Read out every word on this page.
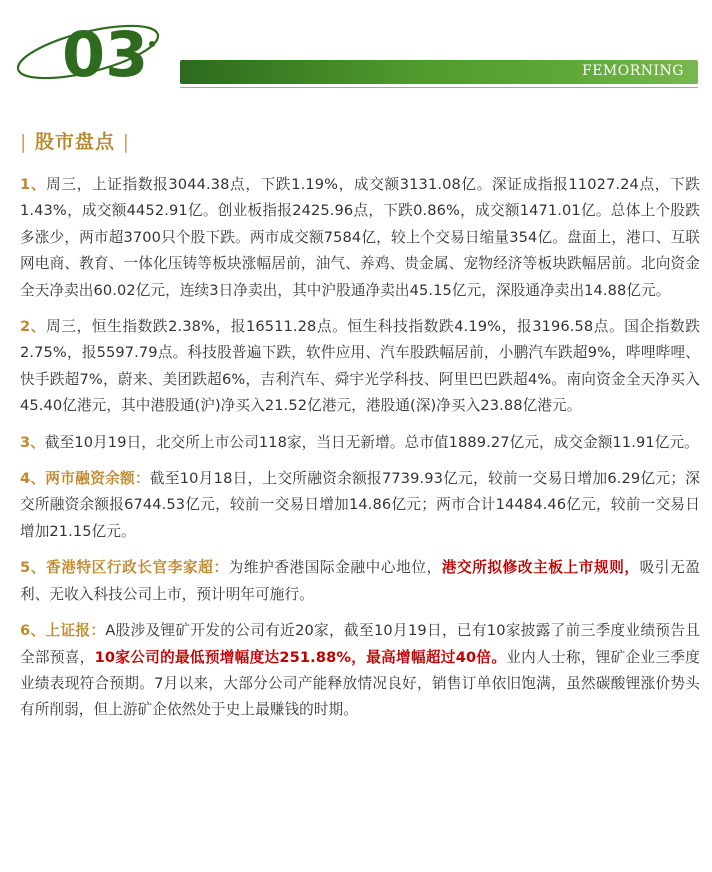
03	FEMORNING
| 股市盘点 |

1、周三，上证指数报3044.38点，下跌1.19%，成交额3131.08亿。深证成指报11027.24点，下跌1.43%，成交额4452.91亿。创业板指报2425.96点，下跌0.86%，成交额1471.01亿。总体上个股跌多涨少，两市超3700只个股下跌。两市成交额7584亿，较上个交易日缩量354亿。盘面上，港口、互联网电商、教育、一体化压铸等板块涨幅居前，油气、养鸡、贵金属、宠物经济等板块跌幅居前。北向资金全天净卖出60.02亿元，连续3日净卖出，其中沪股通净卖出45.15亿元，深股通净卖出14.88亿元。

2、周三，恒生指数跌2.38%，报16511.28点。恒生科技指数跌4.19%，报3196.58点。国企指数跌2.75%，报5597.79点。科技股普遍下跌，软件应用、汽车股跌幅居前，小鹏汽车跌超9%，哔哩哔哩、快手跌超7%，蔚来、美团跌超6%，吉利汽车、舜宇光学科技、阿里巴巴跌超4%。南向资金全天净买入45.40亿港元，其中港股通(沪)净买入21.52亿港元，港股通(深)净买入23.88亿港元。

3、截至10月19日，北交所上市公司118家，当日无新增。总市值1889.27亿元，成交金额11.91亿元。

4、两市融资余额：截至10月18日，上交所融资余额报7739.93亿元，较前一交易日增加6.29亿元；深交所融资余额报6744.53亿元，较前一交易日增加14.86亿元；两市合计14484.46亿元，较前一交易日增加21.15亿元。

5、香港特区行政长官李家超：为维护香港国际金融中心地位，港交所拟修改主板上市规则，吸引无盈利、无收入科技公司上市，预计明年可施行。

6、上证报：A股涉及锂矿开发的公司有近20家，截至10月19日，已有10家披露了前三季度业绩预告且全部预喜，10家公司的最低预增幅度达251.88%，最高增幅超过40倍。业内人士称，锂矿企业三季度业绩表现符合预期。7月以来，大部分公司产能释放情况良好，销售订单依旧饱满，虽然碳酸锂涨价势头有所削弱，但上游矿企依然处于史上最赚钱的时期。
